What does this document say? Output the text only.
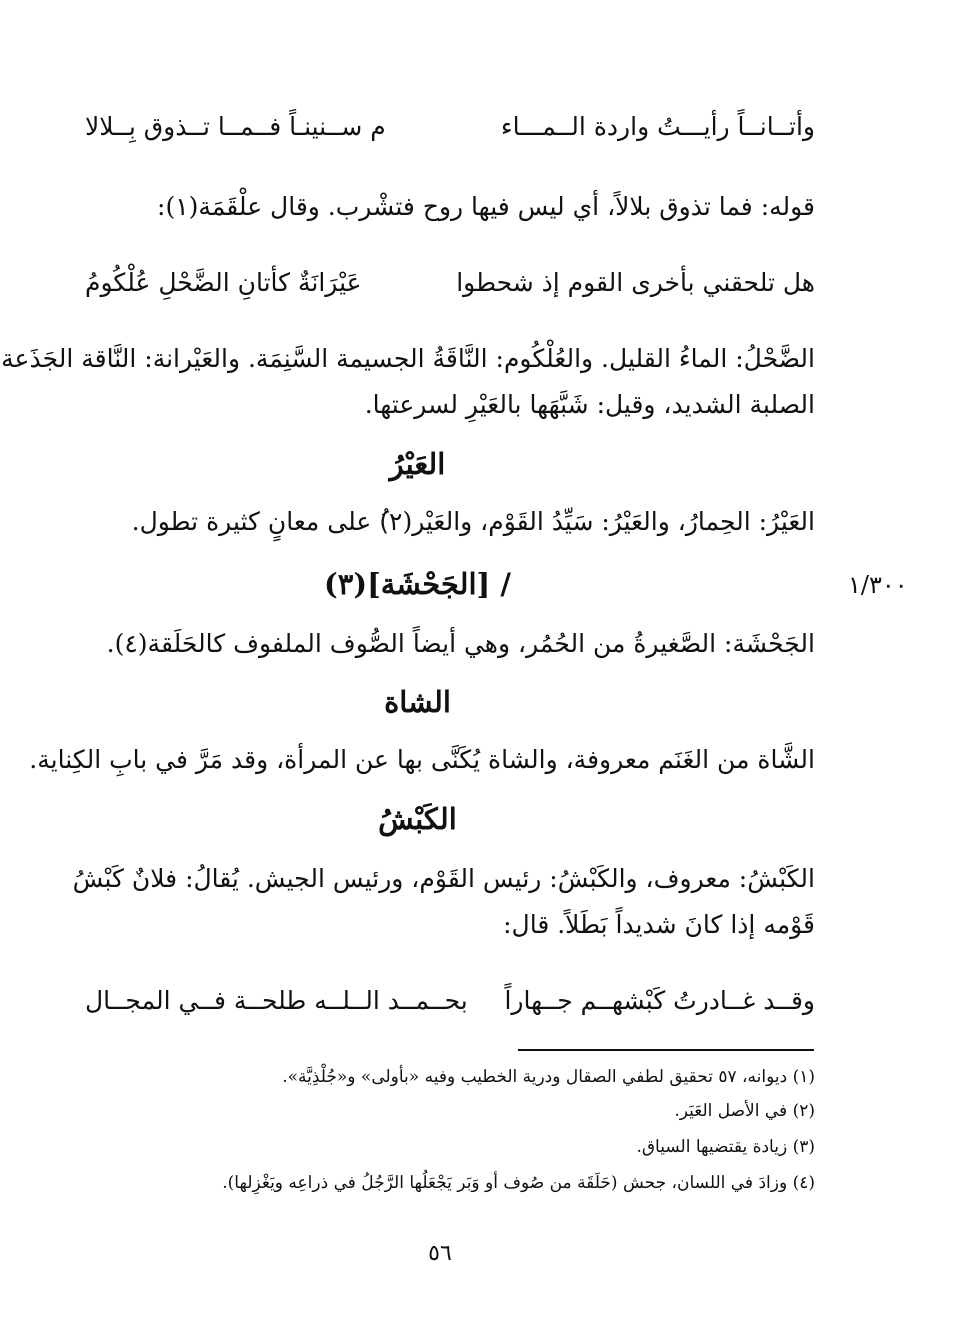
وأتــانــاً رأيـــتُ واردة الــمـــاء
م ســنينـاً فــمــا تــذوق بِــلالا
قوله: فما تذوق بلالاً، أي ليس فيها روح فتشْرب. وقال علْقَمَة(١):
هل تلحقني بأخرى القوم إذ شحطوا
عَيْرَانَةٌ كأتانِ الضَّحْلِ عُلْكُومُ
الضَّحْلُ: الماءُ القليل. والعُلْكُوم: النَّاقَةُ الجسيمة السَّنِمَة. والعَيْرانة: النَّاقة الجَذَعة
الصلبة الشديد، وقيل: شَبَّهَها بالعَيْرِ لسرعتها.
العَيْرُ
العَيْرُ: الحِمارُ، والعَيْرُ: سَيِّدُ القَوْم، والعَيْر(٢)ُ على معانٍ كثيرة تطول.
/ [الجَحْشَة](٣)	١/٣٠٠
الجَحْشَة: الصَّغيرةُ من الحُمُر، وهي أيضاً الصُّوف الملفوف كالحَلَقة(٤).
الشاة
الشَّاة من الغَنَم معروفة، والشاة يُكَنَّى بها عن المرأة، وقد مَرَّ في بابِ الكِناية.
الكَبْشُ
الكَبْشُ: معروف، والكَبْشُ: رئيس القَوْم، ورئيس الجيش. يُقالُ: فلانٌ كَبْشُ
قَوْمه إذا كانَ شديداً بَطَلاً. قال:
وقــد غــادرتُ كَبْشهــم جــهاراً
بحــمــد الــلــه طلحــة فــي المجــال
(١) ديوانه، ٥٧ تحقيق لطفي الصقال ودرية الخطيب وفيه «بأولى» و«جُلْذِيَّة».
(٢) في الأصل العَيَر.
(٣) زيادة يقتضيها السياق.
(٤) وزادَ في اللسان، جحش (حَلَقَة من صُوف أو وَبَر يَجْعَلُها الرَّجُلُ في ذراعِه ويَغْزِلها).
٥٦
